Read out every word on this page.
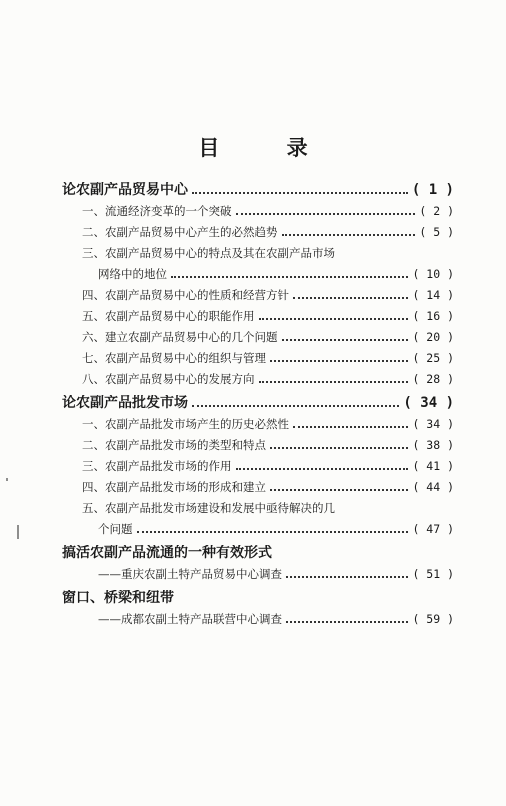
目 录
论农副产品贸易中心	( 1 )
一、流通经济变革的一个突破	( 2 )
二、农副产品贸易中心产生的必然趋势	( 5 )
三、农副产品贸易中心的特点及其在农副产品市场
网络中的地位	( 10 )
四、农副产品贸易中心的性质和经营方针	( 14 )
五、农副产品贸易中心的职能作用	( 16 )
六、建立农副产品贸易中心的几个问题	( 20 )
七、农副产品贸易中心的组织与管理	( 25 )
八、农副产品贸易中心的发展方向	( 28 )
论农副产品批发市场	( 34 )
一、农副产品批发市场产生的历史必然性	( 34 )
二、农副产品批发市场的类型和特点	( 38 )
三、农副产品批发市场的作用	( 41 )
四、农副产品批发市场的形成和建立	( 44 )
五、农副产品批发市场建设和发展中亟待解决的几
个问题	( 47 )
搞活农副产品流通的一种有效形式
——重庆农副土特产品贸易中心调查	( 51 )
窗口、桥梁和纽带
——成都农副土特产品联营中心调查	( 59 )
